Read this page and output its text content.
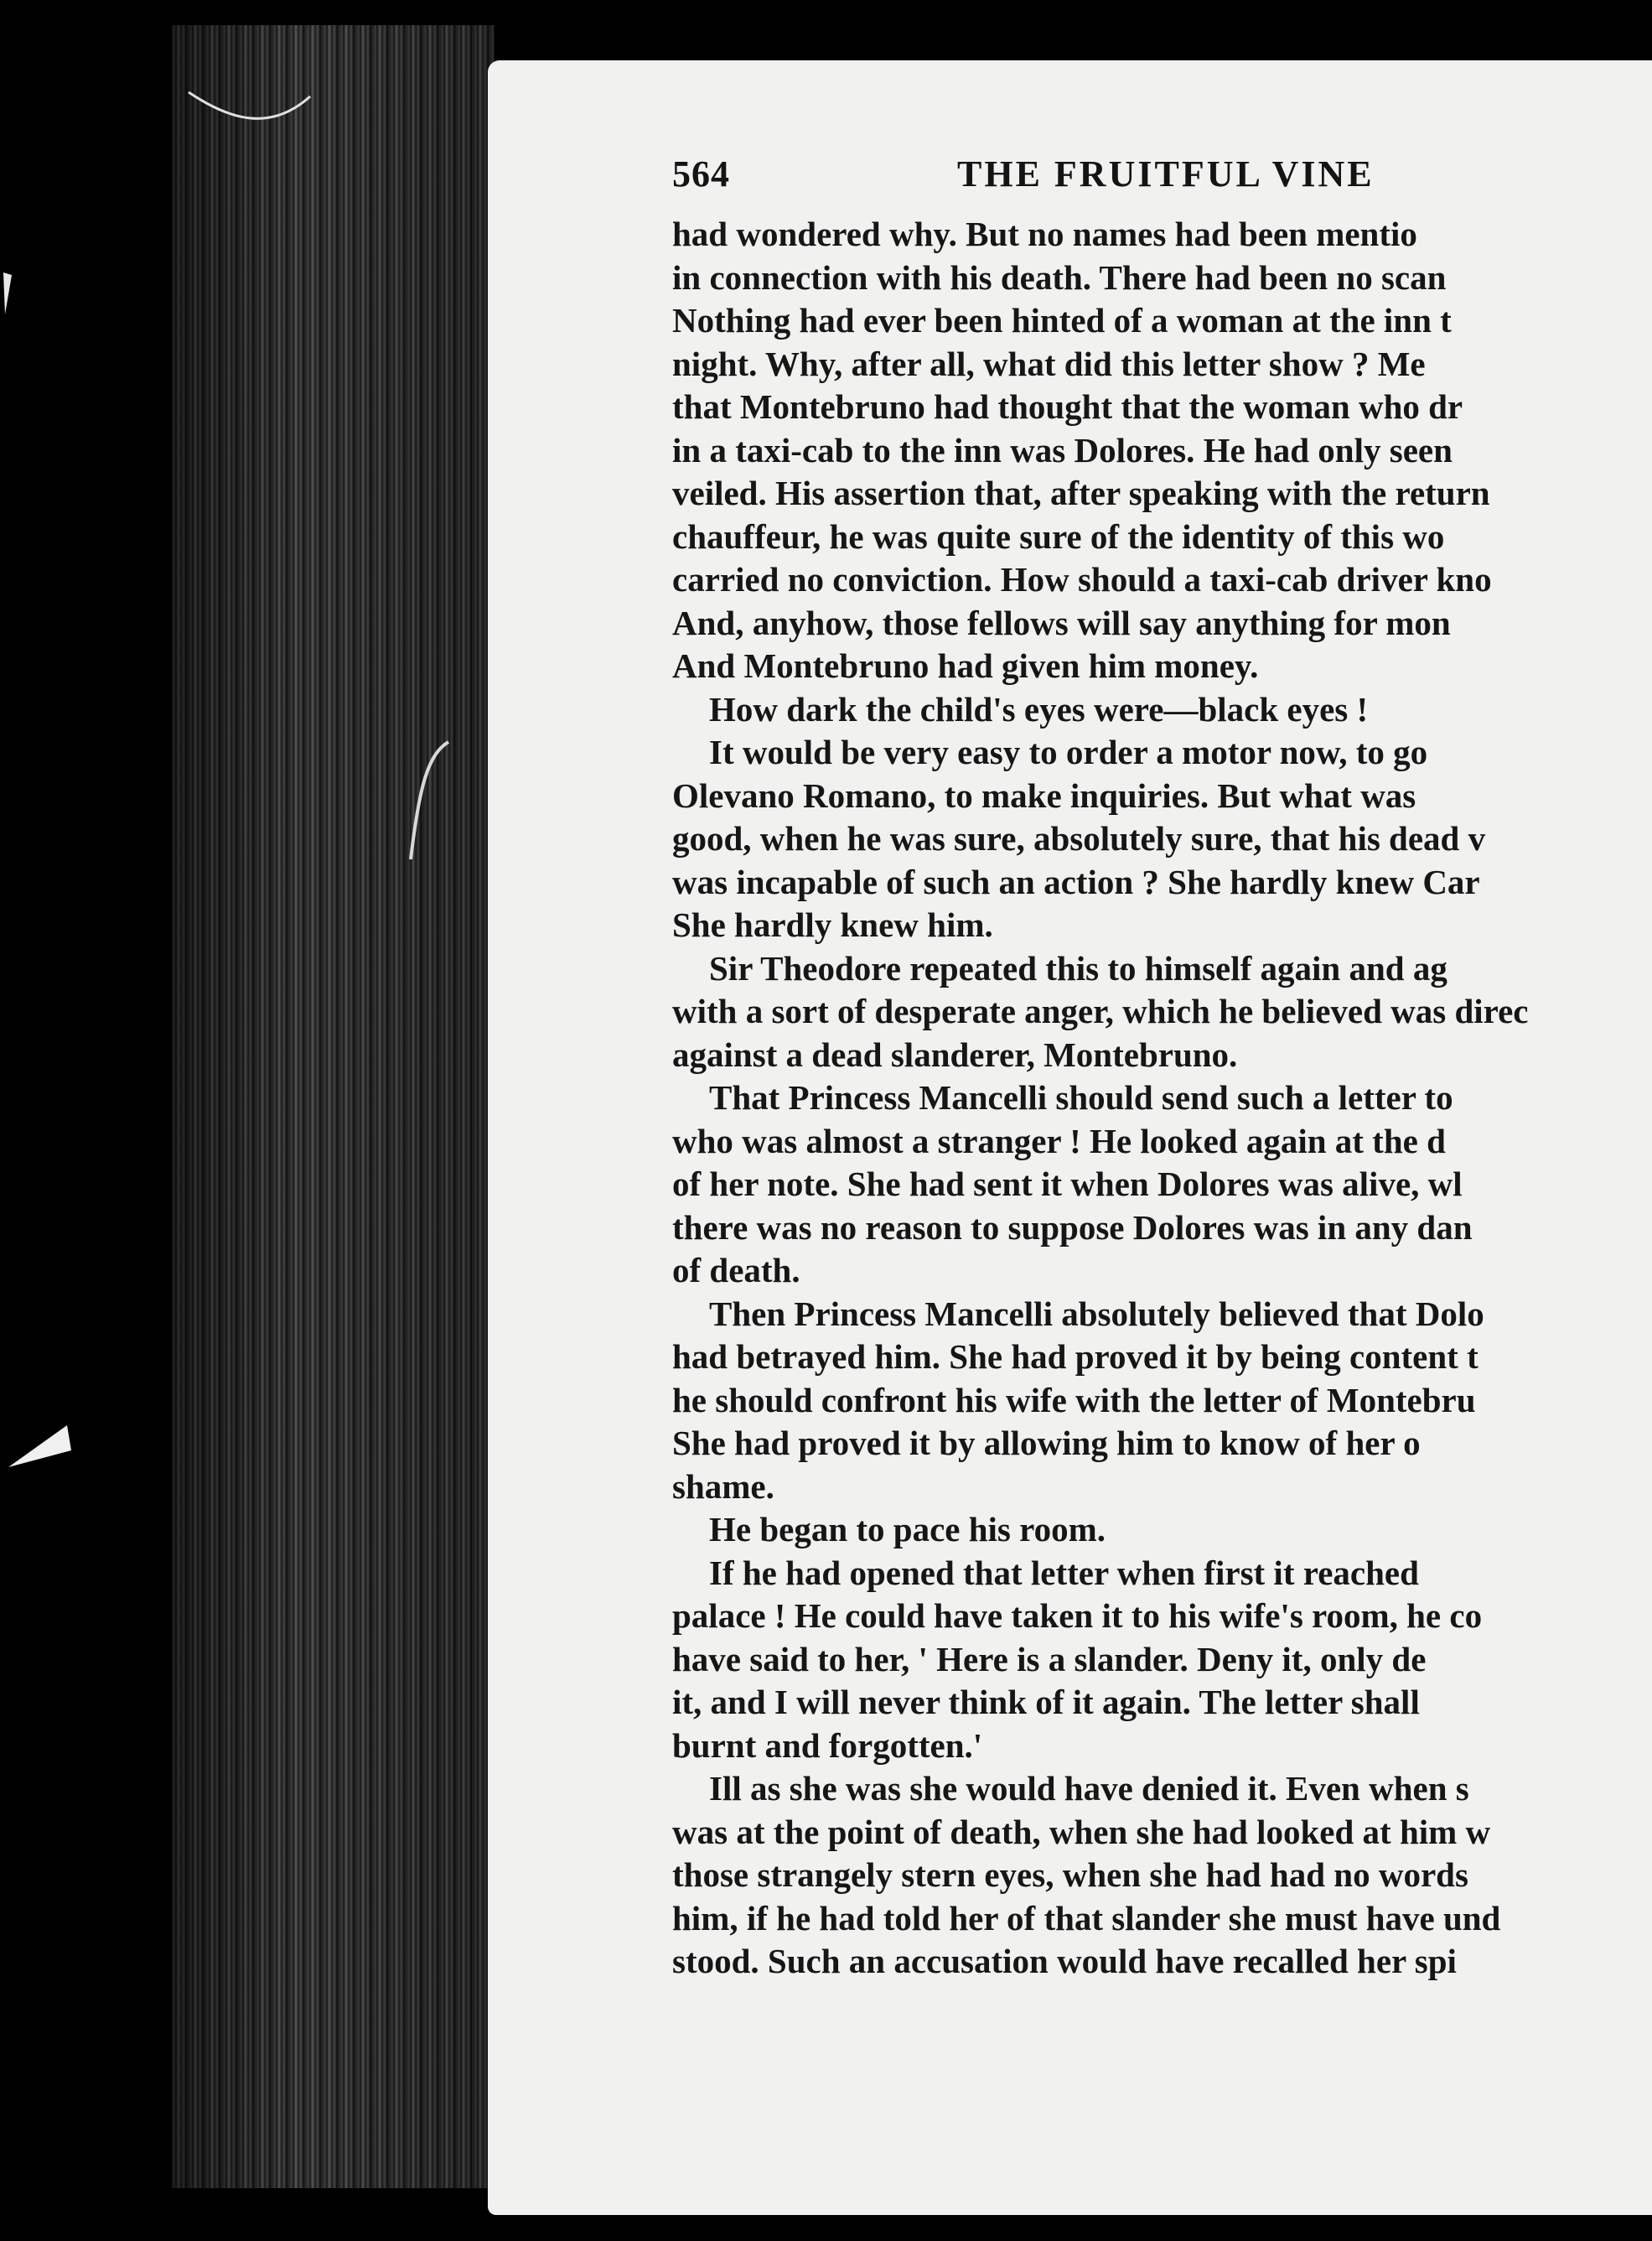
564	THE FRUITFUL VINE
had wondered why. But no names had been mentio
in connection with his death. There had been no scan
Nothing had ever been hinted of a woman at the inn t
night. Why, after all, what did this letter show ? Me
that Montebruno had thought that the woman who dr
in a taxi-cab to the inn was Dolores. He had only seen
veiled. His assertion that, after speaking with the return
chauffeur, he was quite sure of the identity of this wo
carried no conviction. How should a taxi-cab driver kno
And, anyhow, those fellows will say anything for mon
And Montebruno had given him money.
How dark the child's eyes were—black eyes !
It would be very easy to order a motor now, to go
Olevano Romano, to make inquiries. But what was
good, when he was sure, absolutely sure, that his dead v
was incapable of such an action ? She hardly knew Car
She hardly knew him.
Sir Theodore repeated this to himself again and ag
with a sort of desperate anger, which he believed was direc
against a dead slanderer, Montebruno.
That Princess Mancelli should send such a letter to
who was almost a stranger ! He looked again at the d
of her note. She had sent it when Dolores was alive, wl
there was no reason to suppose Dolores was in any dan
of death.
Then Princess Mancelli absolutely believed that Dolo
had betrayed him. She had proved it by being content t
he should confront his wife with the letter of Montebru
She had proved it by allowing him to know of her o
shame.
He began to pace his room.
If he had opened that letter when first it reached
palace ! He could have taken it to his wife's room, he co
have said to her, ' Here is a slander. Deny it, only de
it, and I will never think of it again. The letter shall
burnt and forgotten.'
Ill as she was she would have denied it. Even when s
was at the point of death, when she had looked at him w
those strangely stern eyes, when she had had no words
him, if he had told her of that slander she must have und
stood. Such an accusation would have recalled her spi
